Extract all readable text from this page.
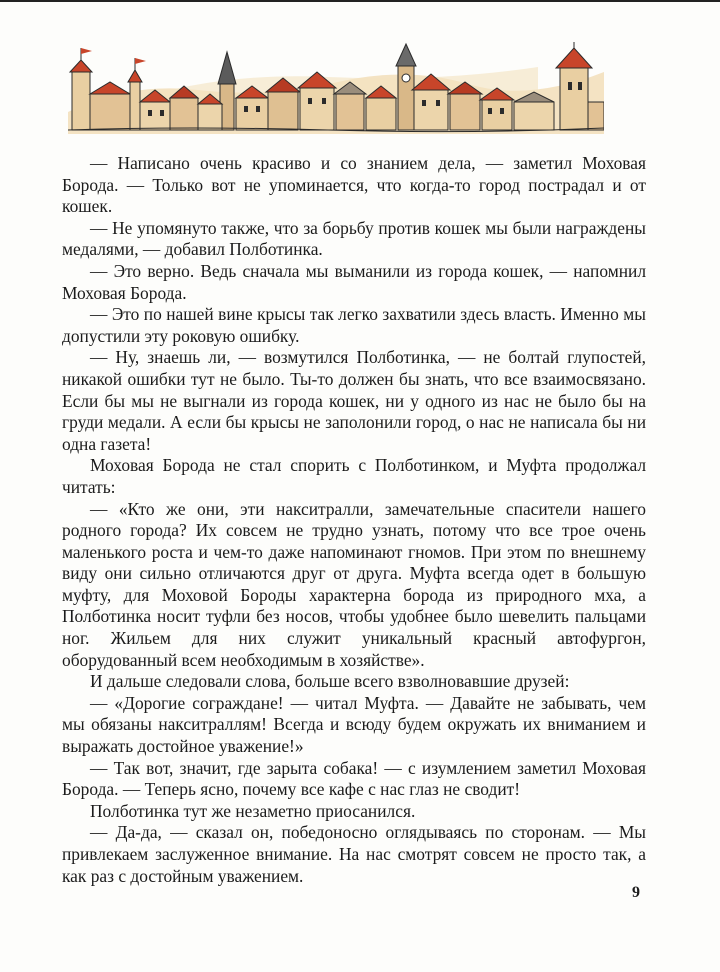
— Написано очень красиво и со знанием дела, — заметил Моховая Борода. — Только вот не упоминается, что когда-то город пострадал и от кошек.

— Не упомянуто также, что за борьбу против кошек мы были награждены медалями, — добавил Полботинка.

— Это верно. Ведь сначала мы выманили из города кошек, — напомнил Моховая Борода.

— Это по нашей вине крысы так легко захватили здесь власть. Именно мы допустили эту роковую ошибку.

— Ну, знаешь ли, — возмутился Полботинка, — не болтай глупостей, никакой ошибки тут не было. Ты-то должен бы знать, что все взаимосвязано. Если бы мы не выгнали из города кошек, ни у одного из нас не было бы на груди медали. А если бы крысы не заполонили город, о нас не написала бы ни одна газета!

Моховая Борода не стал спорить с Полботинком, и Муфта продолжал читать:

— «Кто же они, эти накситралли, замечательные спасители нашего родного города? Их совсем не трудно узнать, потому что все трое очень маленького роста и чем-то даже напоминают гномов. При этом по внешнему виду они сильно отличаются друг от друга. Муфта всегда одет в большую муфту, для Моховой Бороды характерна борода из природного мха, а Полботинка носит туфли без носов, чтобы удобнее было шевелить пальцами ног. Жильем для них служит уникальный красный автофургон, оборудованный всем необходимым в хозяйстве».

И дальше следовали слова, больше всего взволновавшие друзей:

— «Дорогие сограждане! — читал Муфта. — Давайте не забывать, чем мы обязаны накситраллям! Всегда и всюду будем окружать их вниманием и выражать достойное уважение!»

— Так вот, значит, где зарыта собака! — с изумлением заметил Моховая Борода. — Теперь ясно, почему все кафе с нас глаз не сводит!

Полботинка тут же незаметно приосанился.

— Да-да, — сказал он, победоносно оглядываясь по сторонам. — Мы привлекаем заслуженное внимание. На нас смотрят совсем не просто так, а как раз с достойным уважением.

9
